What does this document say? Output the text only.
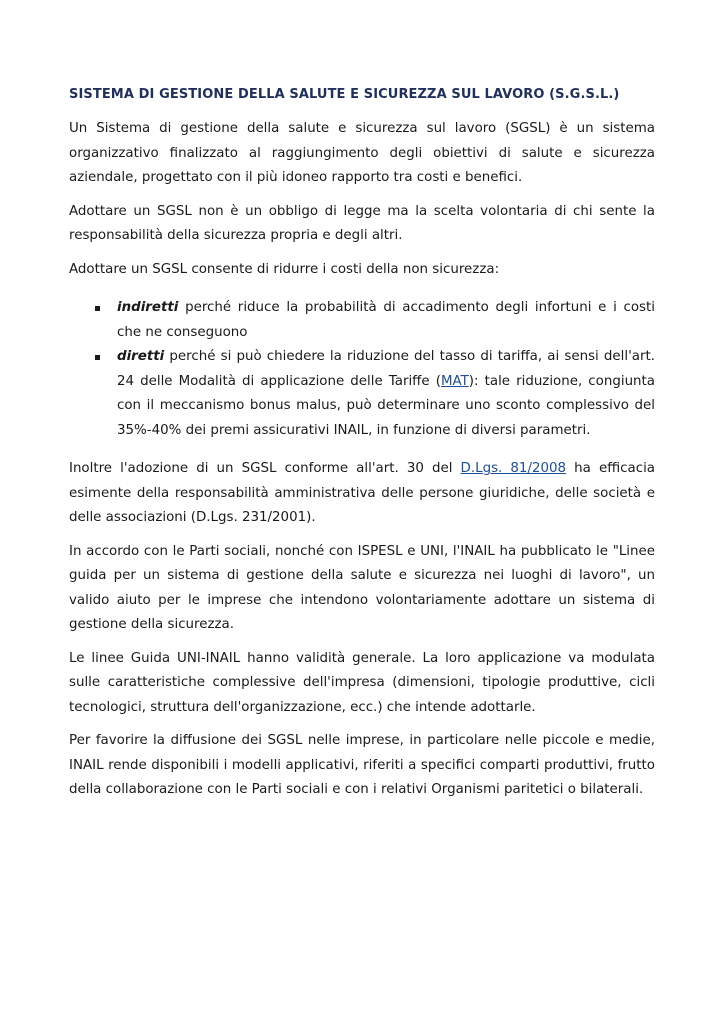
SISTEMA DI GESTIONE DELLA SALUTE E SICUREZZA SUL LAVORO (S.G.S.L.)

Un Sistema di gestione della salute e sicurezza sul lavoro (SGSL) è un sistema organizzativo finalizzato al raggiungimento degli obiettivi di salute e sicurezza aziendale, progettato con il più idoneo rapporto tra costi e benefici.

Adottare un SGSL non è un obbligo di legge ma la scelta volontaria di chi sente la responsabilità della sicurezza propria e degli altri.

Adottare un SGSL consente di ridurre i costi della non sicurezza:

indiretti perché riduce la probabilità di accadimento degli infortuni e i costi che ne conseguono
diretti perché si può chiedere la riduzione del tasso di tariffa, ai sensi dell'art. 24 delle Modalità di applicazione delle Tariffe (MAT): tale riduzione, congiunta con il meccanismo bonus malus, può determinare uno sconto complessivo del 35%-40% dei premi assicurativi INAIL, in funzione di diversi parametri.

Inoltre l'adozione di un SGSL conforme all'art. 30 del D.Lgs. 81/2008 ha efficacia esimente della responsabilità amministrativa delle persone giuridiche, delle società e delle associazioni (D.Lgs. 231/2001).

In accordo con le Parti sociali, nonché con ISPESL e UNI, l'INAIL ha pubblicato le "Linee guida per un sistema di gestione della salute e sicurezza nei luoghi di lavoro", un valido aiuto per le imprese che intendono volontariamente adottare un sistema di gestione della sicurezza.

Le linee Guida UNI-INAIL hanno validità generale. La loro applicazione va modulata sulle caratteristiche complessive dell'impresa (dimensioni, tipologie produttive, cicli tecnologici, struttura dell'organizzazione, ecc.) che intende adottarle.

Per favorire la diffusione dei SGSL nelle imprese, in particolare nelle piccole e medie, INAIL rende disponibili i modelli applicativi, riferiti a specifici comparti produttivi, frutto della collaborazione con le Parti sociali e con i relativi Organismi paritetici o bilaterali.
